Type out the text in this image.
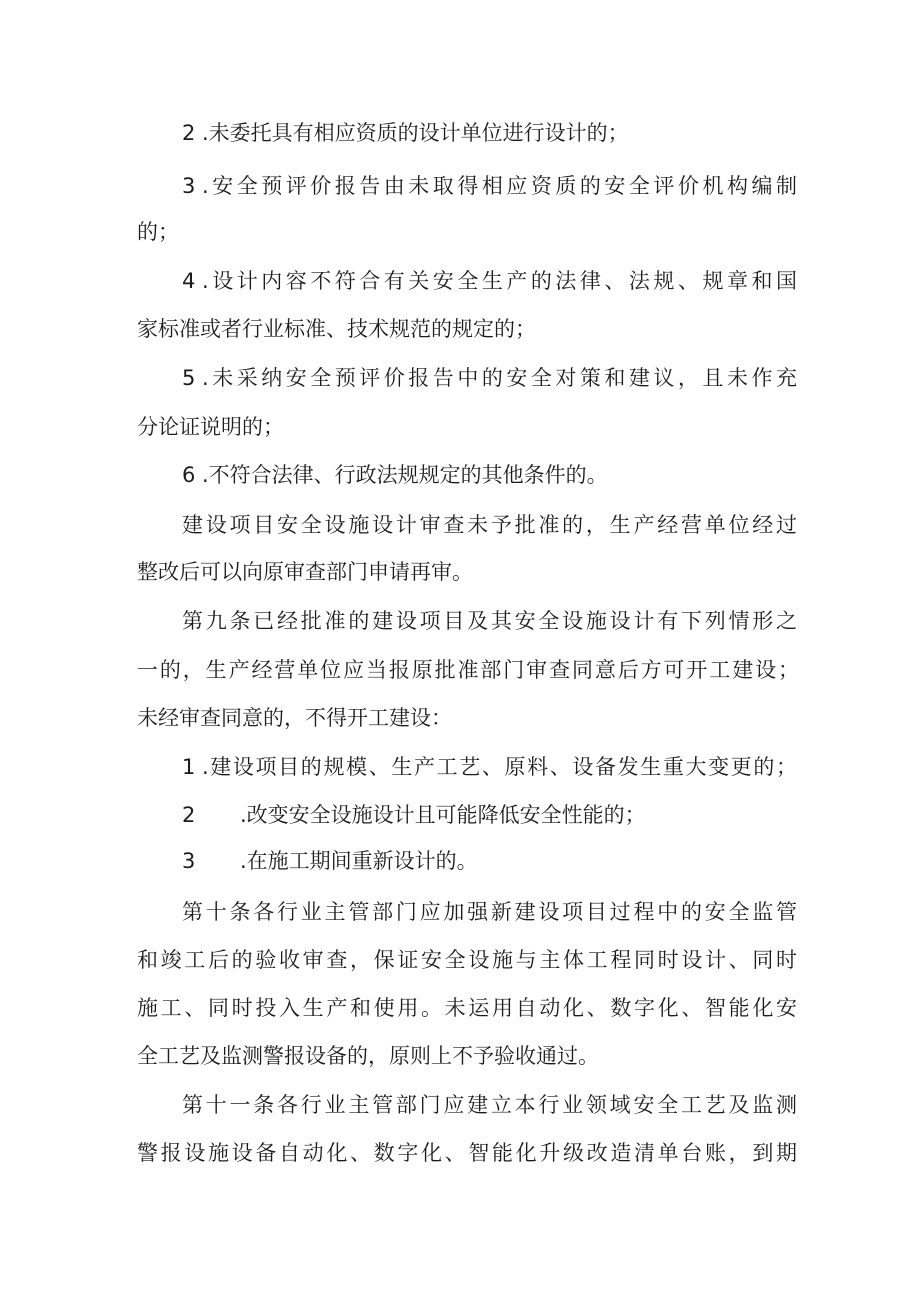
2 .未委托具有相应资质的设计单位进行设计的；
3 .安全预评价报告由未取得相应资质的安全评价机构编制
的；
4 .设计内容不符合有关安全生产的法律、法规、规章和国
家标准或者行业标准、技术规范的规定的；
5 .未采纳安全预评价报告中的安全对策和建议，且未作充
分论证说明的；
6 .不符合法律、行政法规规定的其他条件的。
建设项目安全设施设计审查未予批准的，生产经营单位经过
整改后可以向原审查部门申请再审。
第九条已经批准的建设项目及其安全设施设计有下列情形之
一的，生产经营单位应当报原批准部门审查同意后方可开工建设；
未经审查同意的，不得开工建设：
1 .建设项目的规模、生产工艺、原料、设备发生重大变更的；
2 .改变安全设施设计且可能降低安全性能的；
3 .在施工期间重新设计的。
第十条各行业主管部门应加强新建设项目过程中的安全监管
和竣工后的验收审查，保证安全设施与主体工程同时设计、同时
施工、同时投入生产和使用。未运用自动化、数字化、智能化安
全工艺及监测警报设备的，原则上不予验收通过。
第十一条各行业主管部门应建立本行业领域安全工艺及监测
警报设施设备自动化、数字化、智能化升级改造清单台账，到期
